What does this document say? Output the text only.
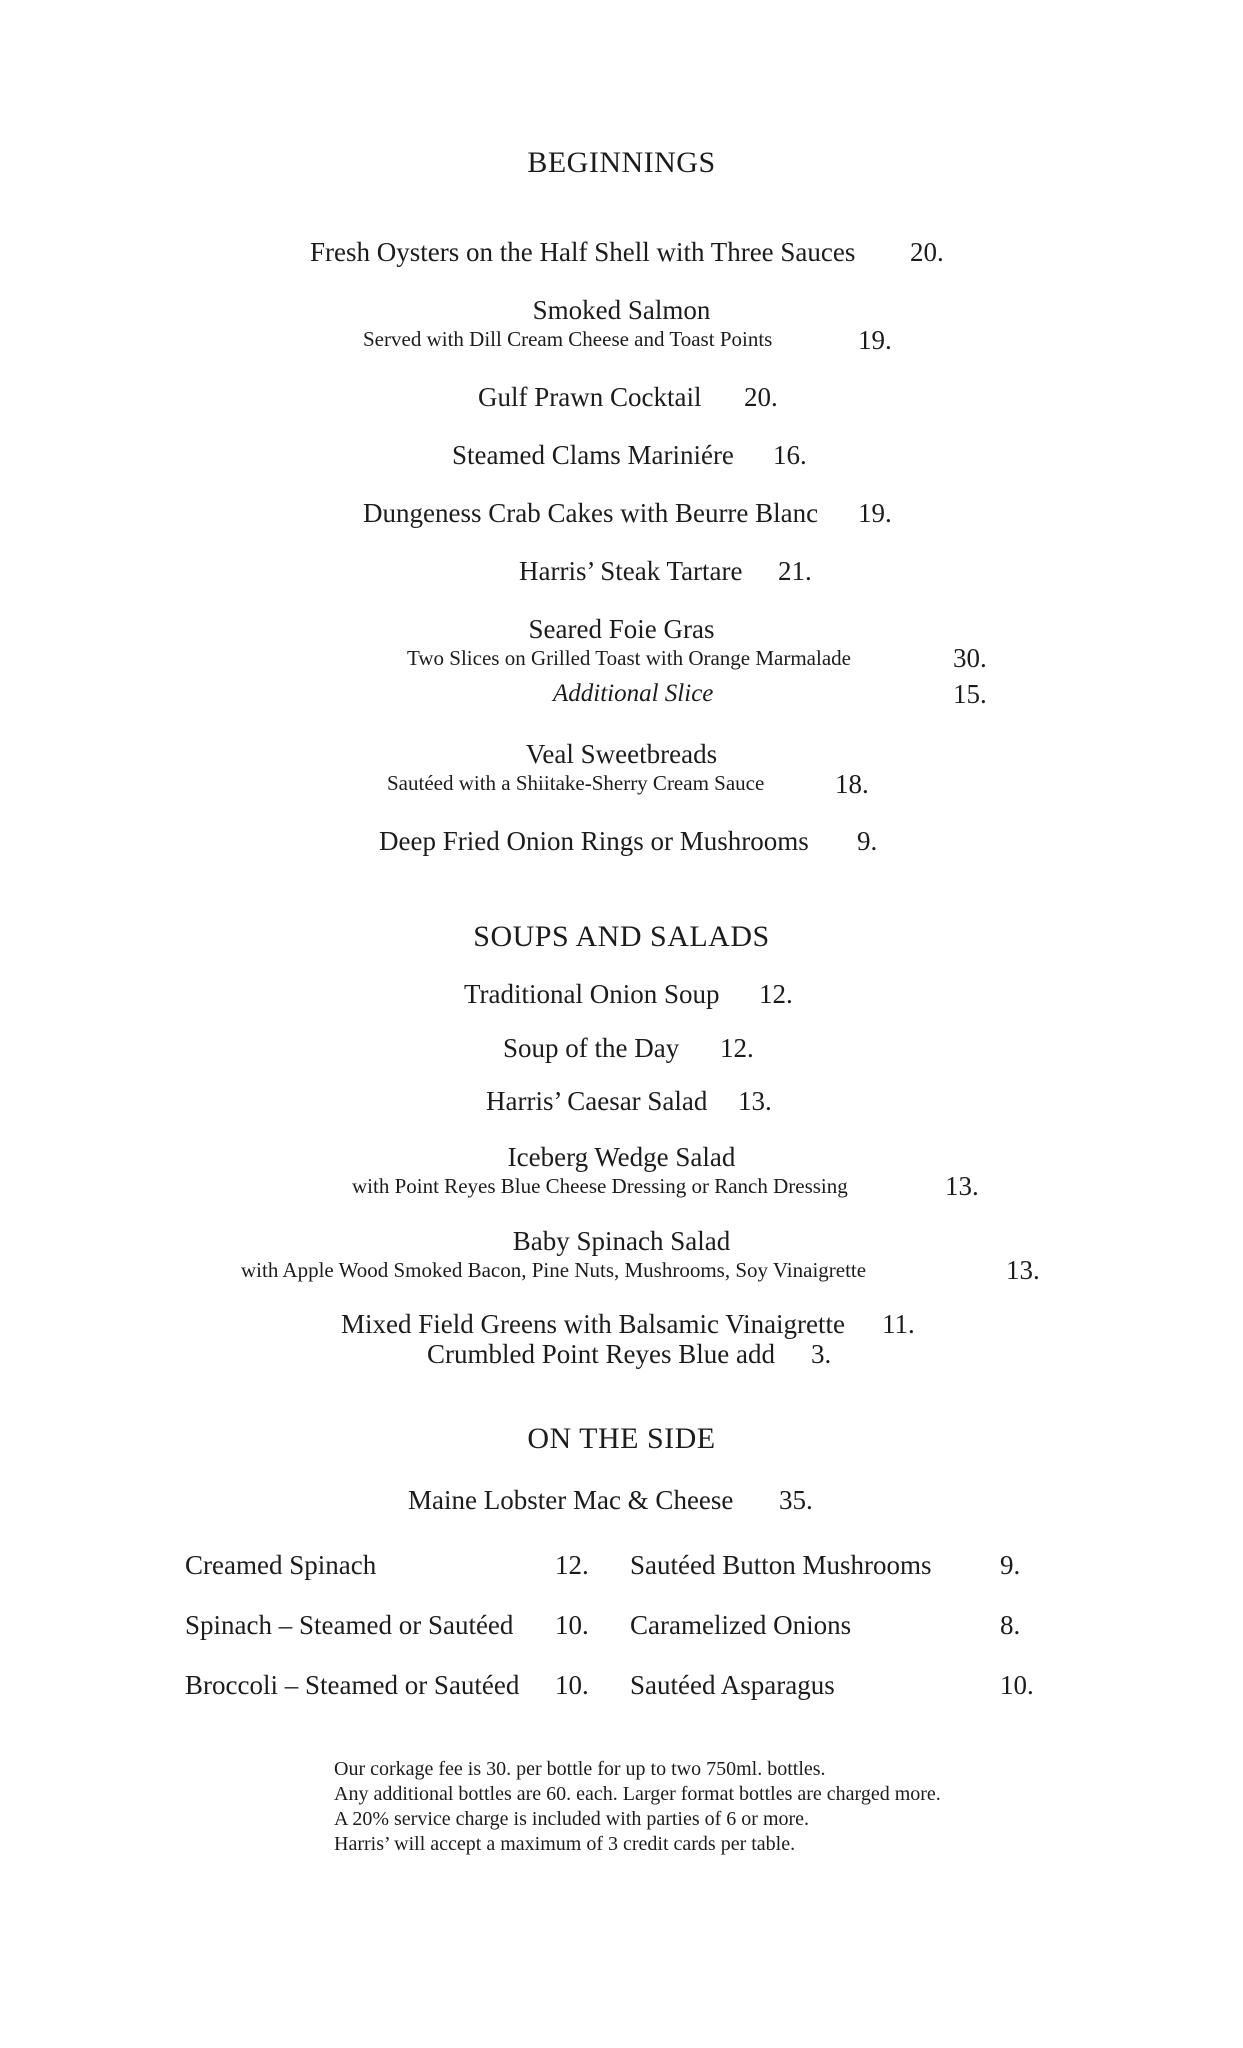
BEGINNINGS
Fresh Oysters on the Half Shell with Three Sauces 20.
Smoked Salmon
Served with Dill Cream Cheese and Toast Points	19.
Gulf Prawn Cocktail 20.
Steamed Clams Mariniére 16.
Dungeness Crab Cakes with Beurre Blanc 19.
Harris’ Steak Tartare 21.
Seared Foie Gras
Two Slices on Grilled Toast with Orange Marmalade	30.
Additional Slice	15.
Veal Sweetbreads
Sautéed with a Shiitake-Sherry Cream Sauce	18.
Deep Fried Onion Rings or Mushrooms 9.
SOUPS AND SALADS
Traditional Onion Soup 12.
Soup of the Day 12.
Harris’ Caesar Salad 13.
Iceberg Wedge Salad
with Point Reyes Blue Cheese Dressing or Ranch Dressing	13.
Baby Spinach Salad
with Apple Wood Smoked Bacon, Pine Nuts, Mushrooms, Soy Vinaigrette	13.
Mixed Field Greens with Balsamic Vinaigrette 11.
Crumbled Point Reyes Blue add 3.
ON THE SIDE
Maine Lobster Mac & Cheese 35.
Creamed Spinach	12. Sautéed Button Mushrooms	9.
Spinach – Steamed or Sautéed 10. Caramelized Onions	8.
Broccoli – Steamed or Sautéed 10. Sautéed Asparagus	10.
Our corkage fee is 30. per bottle for up to two 750ml. bottles.
Any additional bottles are 60. each. Larger format bottles are charged more.
A 20% service charge is included with parties of 6 or more.
Harris’ will accept a maximum of 3 credit cards per table.
